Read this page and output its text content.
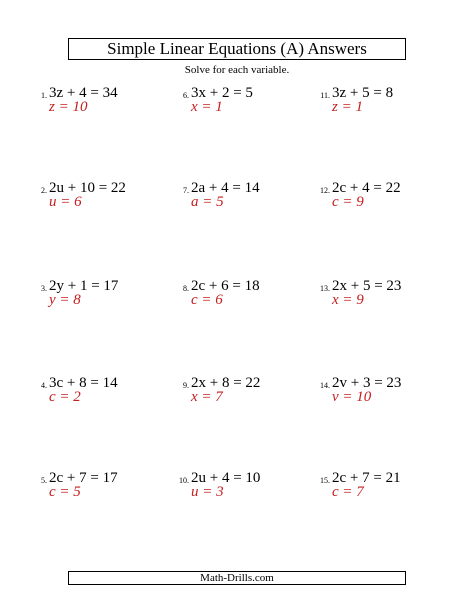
Simple Linear Equations (A) Answers
Solve for each variable.
1. 3z + 4 = 34
z = 10
2. 2u + 10 = 22
u = 6
3. 2y + 1 = 17
y = 8
4. 3c + 8 = 14
c = 2
5. 2c + 7 = 17
c = 5
6. 3x + 2 = 5
x = 1
7. 2a + 4 = 14
a = 5
8. 2c + 6 = 18
c = 6
9. 2x + 8 = 22
x = 7
10. 2u + 4 = 10
u = 3
11. 3z + 5 = 8
z = 1
12. 2c + 4 = 22
c = 9
13. 2x + 5 = 23
x = 9
14. 2v + 3 = 23
v = 10
15. 2c + 7 = 21
c = 7
Math-Drills.com
